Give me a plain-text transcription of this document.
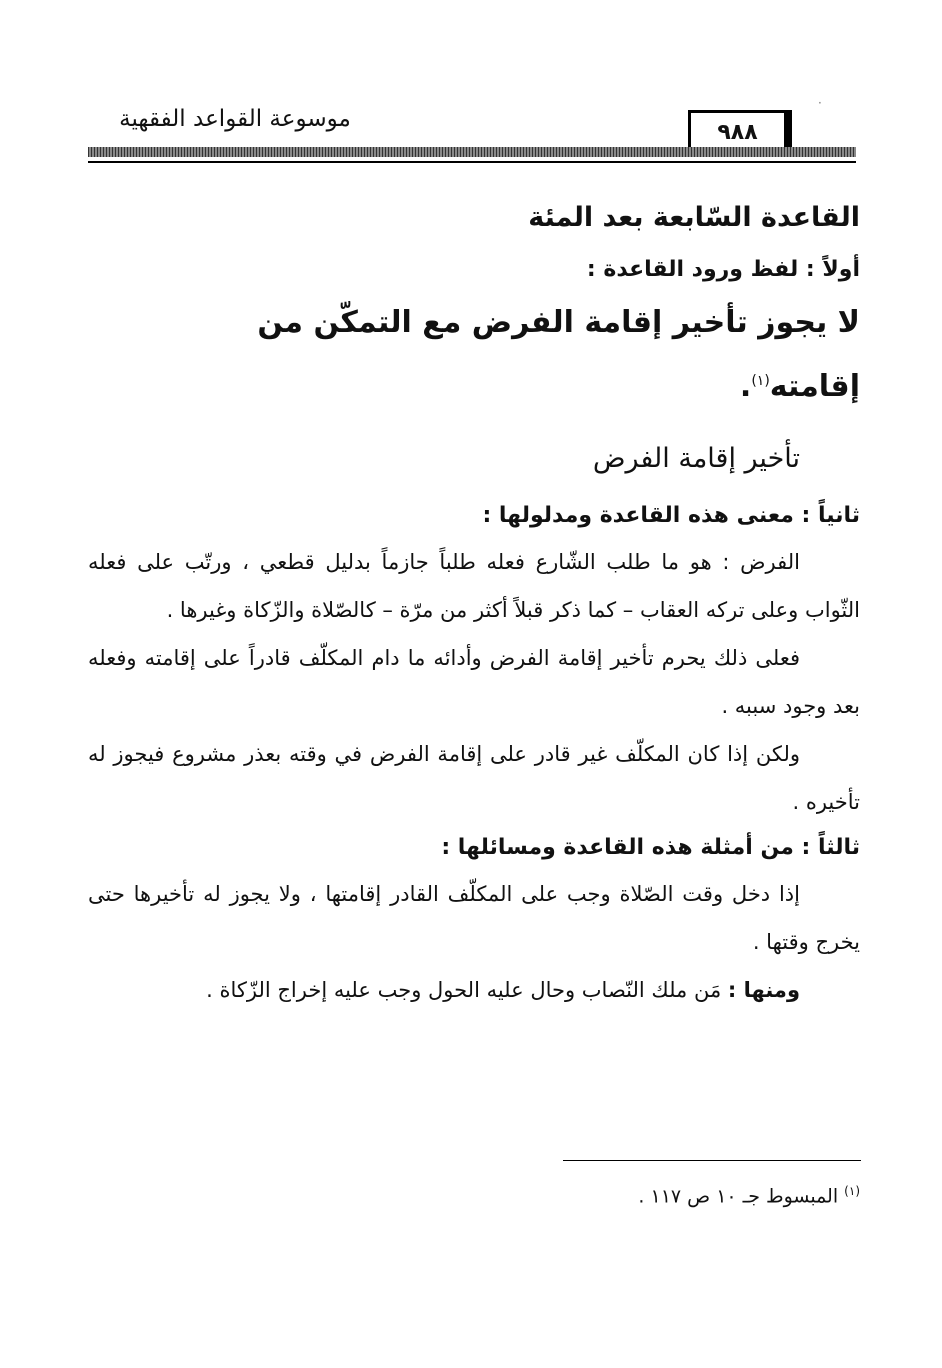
·
موسوعة القواعد الفقهية
٩٨٨

القاعدة السّابعة بعد المئة

أولاً : لفظ ورود القاعدة :

لا يجوز تأخير إقامة الفرض مع التمكّن من
إقامته$^{(١)}$.

تأخير إقامة الفرض

ثانياً : معنى هذه القاعدة ومدلولها :

الفرض : هو ما طلب الشّارع فعله طلباً جازماً بدليل قطعي ، ورتّب على فعله الثّواب وعلى تركه العقاب – كما ذكر قبلاً أكثر من مرّة – كالصّلاة والزّكاة وغيرها .

فعلى ذلك يحرم تأخير إقامة الفرض وأدائه ما دام المكلّف قادراً على إقامته وفعله بعد وجود سببه .

ولكن إذا كان المكلّف غير قادر على إقامة الفرض في وقته بعذر مشروع فيجوز له تأخيره .

ثالثاً : من أمثلة هذه القاعدة ومسائلها :

إذا دخل وقت الصّلاة وجب على المكلّف القادر إقامتها ، ولا يجوز له تأخيرها حتى يخرج وقتها .

ومنها : مَن ملك النّصاب وحال عليه الحول وجب عليه إخراج الزّكاة .

$^{(١)}$ المبسوط جـ ١٠ ص ١١٧ .
